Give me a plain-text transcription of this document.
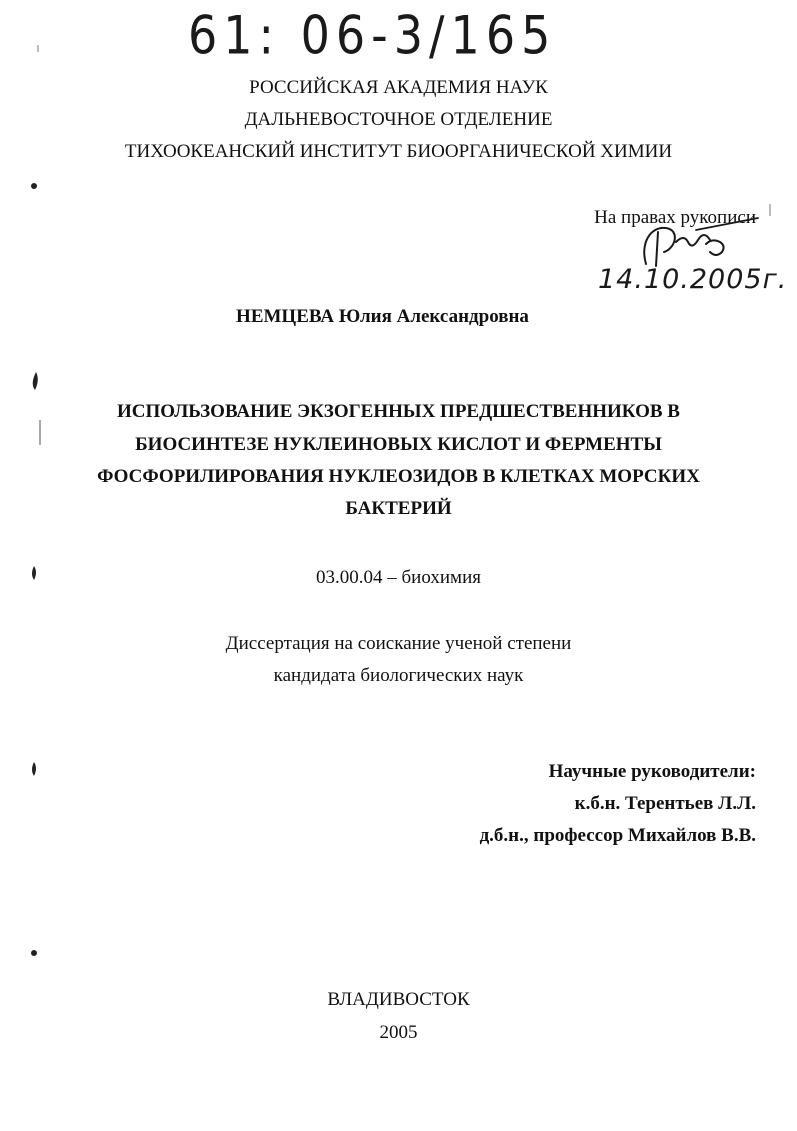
61: 06-3/165
РОССИЙСКАЯ АКАДЕМИЯ НАУК
ДАЛЬНЕВОСТОЧНОЕ ОТДЕЛЕНИЕ
ТИХООКЕАНСКИЙ ИНСТИТУТ БИООРГАНИЧЕСКОЙ ХИМИИ
На правах рукописи
14.10.2005г.
НЕМЦЕВА Юлия Александровна
ИСПОЛЬЗОВАНИЕ ЭКЗОГЕННЫХ ПРЕДШЕСТВЕННИКОВ В
БИОСИНТЕЗЕ НУКЛЕИНОВЫХ КИСЛОТ И ФЕРМЕНТЫ
ФОСФОРИЛИРОВАНИЯ НУКЛЕОЗИДОВ В КЛЕТКАХ МОРСКИХ
БАКТЕРИЙ
03.00.04 – биохимия
Диссертация на соискание ученой степени
кандидата биологических наук
Научные руководители:
к.б.н. Терентьев Л.Л.
д.б.н., профессор Михайлов В.В.
ВЛАДИВОСТОК
2005
